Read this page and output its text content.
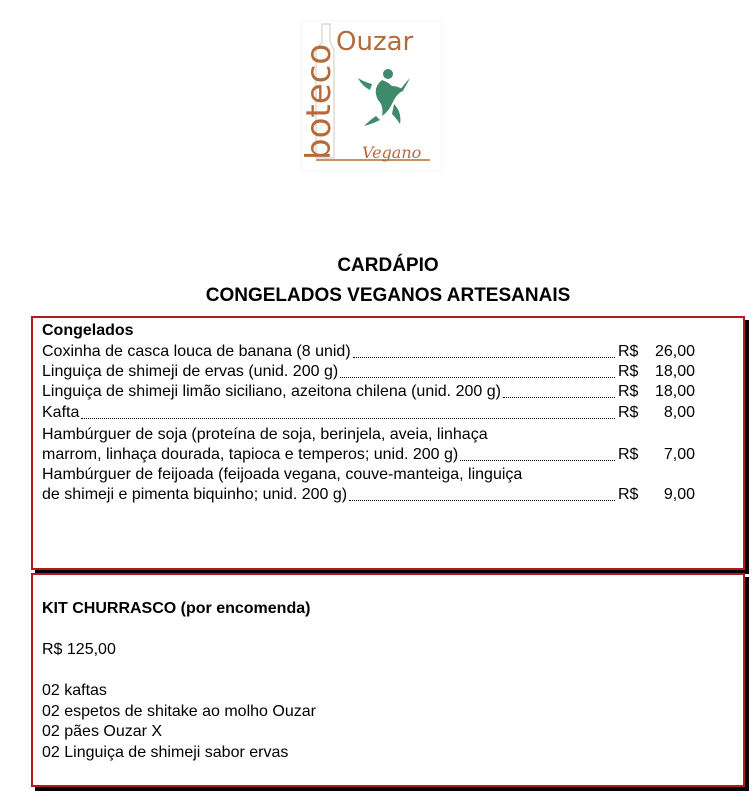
boteco
Ouzar
Vegano
CARDÁPIO
CONGELADOS VEGANOS ARTESANAIS
Congelados
Coxinha de casca louca de banana (8 unid)	R$	26,00
Linguiça de shimeji de ervas (unid. 200 g)	R$	18,00
Linguiça de shimeji limão siciliano, azeitona chilena (unid. 200 g)	R$	18,00
Kafta	R$	8,00
Hambúrguer de soja (proteína de soja, berinjela, aveia, linhaça
marrom, linhaça dourada, tapioca e temperos; unid. 200 g)	R$	7,00
Hambúrguer de feijoada (feijoada vegana, couve-manteiga, linguiça
de shimeji e pimenta biquinho; unid. 200 g)	R$	9,00
KIT CHURRASCO (por encomenda)
R$ 125,00
02 kaftas
02 espetos de shitake ao molho Ouzar
02 pães Ouzar X
02 Linguiça de shimeji sabor ervas
